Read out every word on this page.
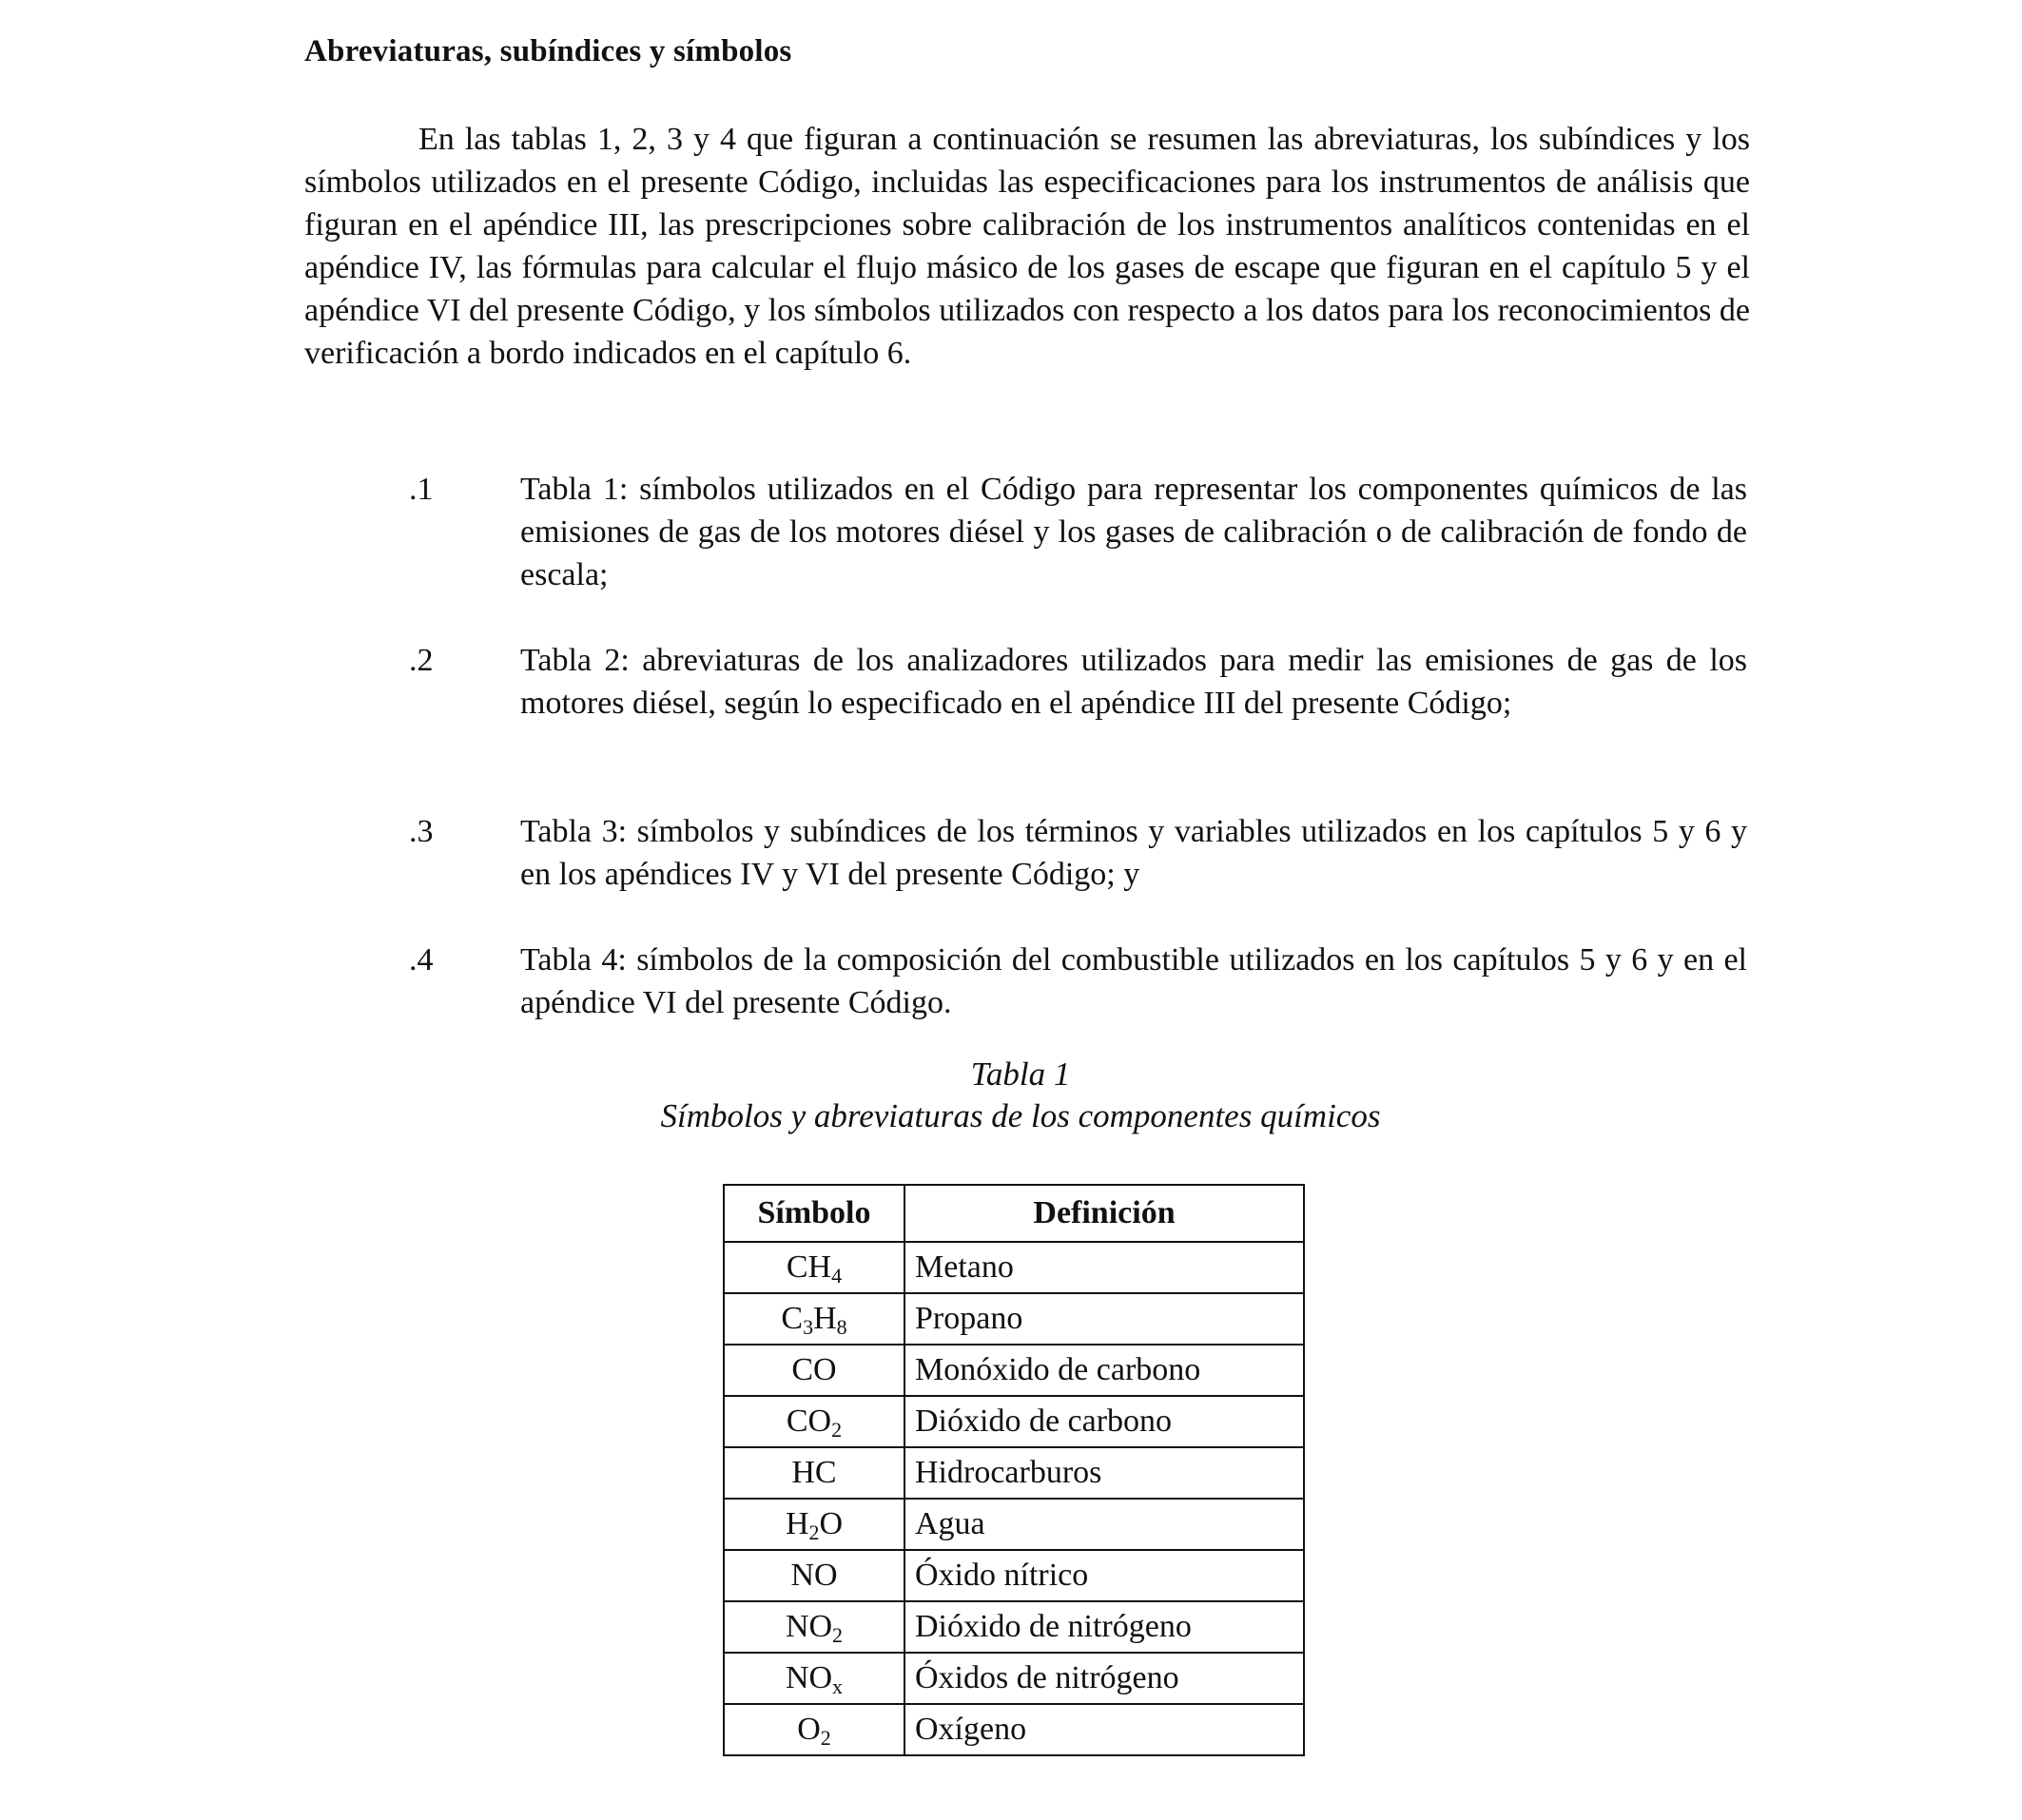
Abreviaturas, subíndices y símbolos

En las tablas 1, 2, 3 y 4 que figuran a continuación se resumen las abreviaturas, los subíndices y los símbolos utilizados en el presente Código, incluidas las especificaciones para los instrumentos de análisis que figuran en el apéndice III, las prescripciones sobre calibración de los instrumentos analíticos contenidas en el apéndice IV, las fórmulas para calcular el flujo másico de los gases de escape que figuran en el capítulo 5 y el apéndice VI del presente Código, y los símbolos utilizados con respecto a los datos para los reconocimientos de verificación a bordo indicados en el capítulo 6.

.1	Tabla 1: símbolos utilizados en el Código para representar los componentes químicos de las emisiones de gas de los motores diésel y los gases de calibración o de calibración de fondo de escala;
.2	Tabla 2: abreviaturas de los analizadores utilizados para medir las emisiones de gas de los motores diésel, según lo especificado en el apéndice III del presente Código;
.3	Tabla 3: símbolos y subíndices de los términos y variables utilizados en los capítulos 5 y 6 y en los apéndices IV y VI del presente Código; y
.4	Tabla 4: símbolos de la composición del combustible utilizados en los capítulos 5 y 6 y en el apéndice VI del presente Código.
Tabla 1
Símbolos y abreviaturas de los componentes químicos
Símbolo	Definición
$CH_4$	Metano
$C_3H_8$	Propano
CO	Monóxido de carbono
$CO_2$	Dióxido de carbono
HC	Hidrocarburos
$H_2O$	Agua
NO	Óxido nítrico
$NO_2$	Dióxido de nitrógeno
$NO_x$	Óxidos de nitrógeno
$O_2$	Oxígeno
